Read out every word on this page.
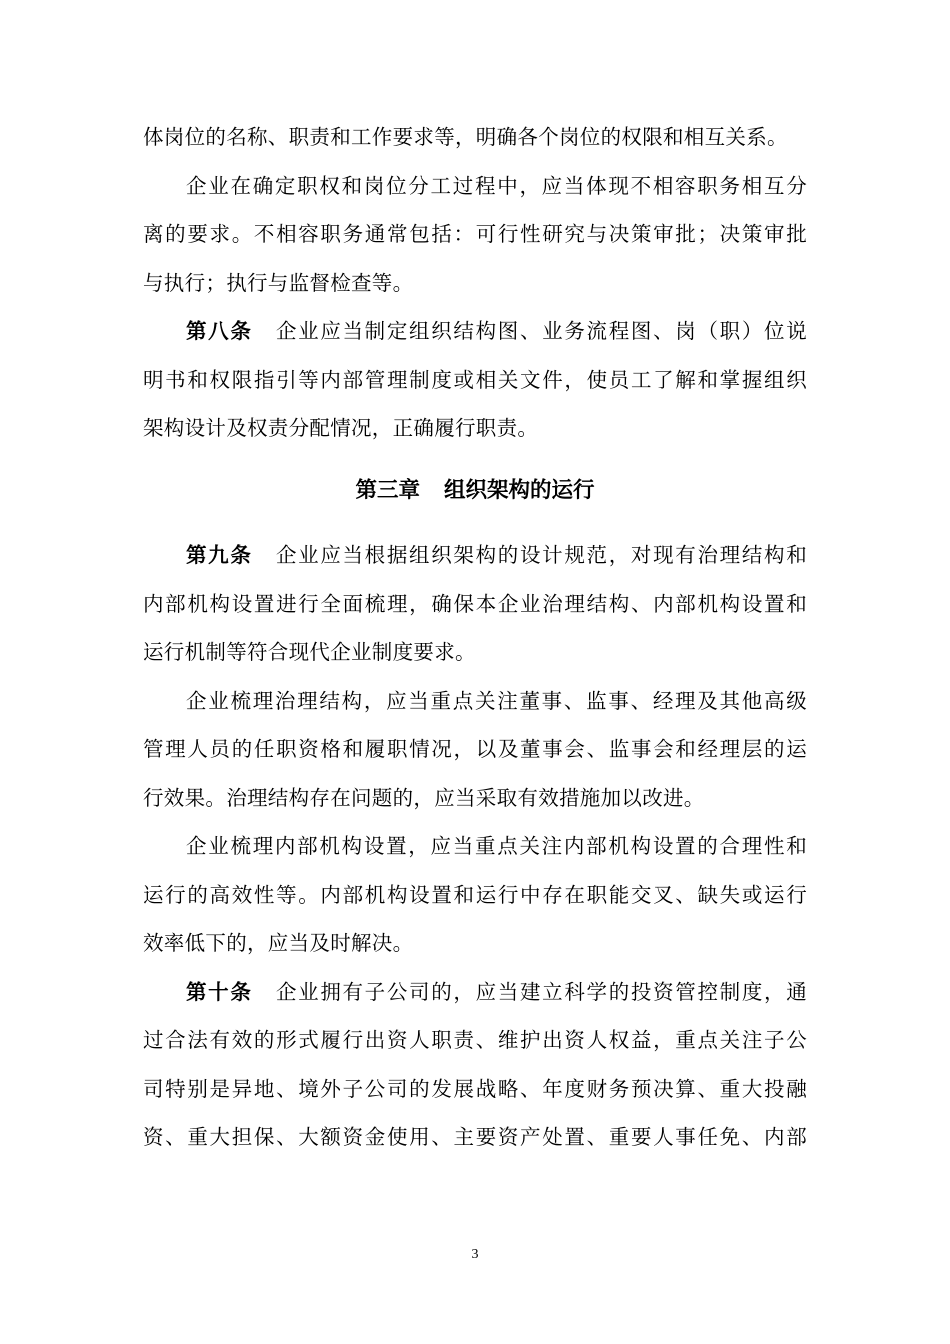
体岗位的名称、职责和工作要求等，明确各个岗位的权限和相互关系。
企业在确定职权和岗位分工过程中，应当体现不相容职务相互分
离的要求。不相容职务通常包括：可行性研究与决策审批；决策审批
与执行；执行与监督检查等。
第八条 企业应当制定组织结构图、业务流程图、岗（职）位说
明书和权限指引等内部管理制度或相关文件，使员工了解和掌握组织
架构设计及权责分配情况，正确履行职责。
第三章 组织架构的运行
第九条 企业应当根据组织架构的设计规范，对现有治理结构和
内部机构设置进行全面梳理，确保本企业治理结构、内部机构设置和
运行机制等符合现代企业制度要求。
企业梳理治理结构，应当重点关注董事、监事、经理及其他高级
管理人员的任职资格和履职情况，以及董事会、监事会和经理层的运
行效果。治理结构存在问题的，应当采取有效措施加以改进。
企业梳理内部机构设置，应当重点关注内部机构设置的合理性和
运行的高效性等。内部机构设置和运行中存在职能交叉、缺失或运行
效率低下的，应当及时解决。
第十条 企业拥有子公司的，应当建立科学的投资管控制度，通
过合法有效的形式履行出资人职责、维护出资人权益，重点关注子公
司特别是异地、境外子公司的发展战略、年度财务预决算、重大投融
资、重大担保、大额资金使用、主要资产处置、重要人事任免、内部
3
